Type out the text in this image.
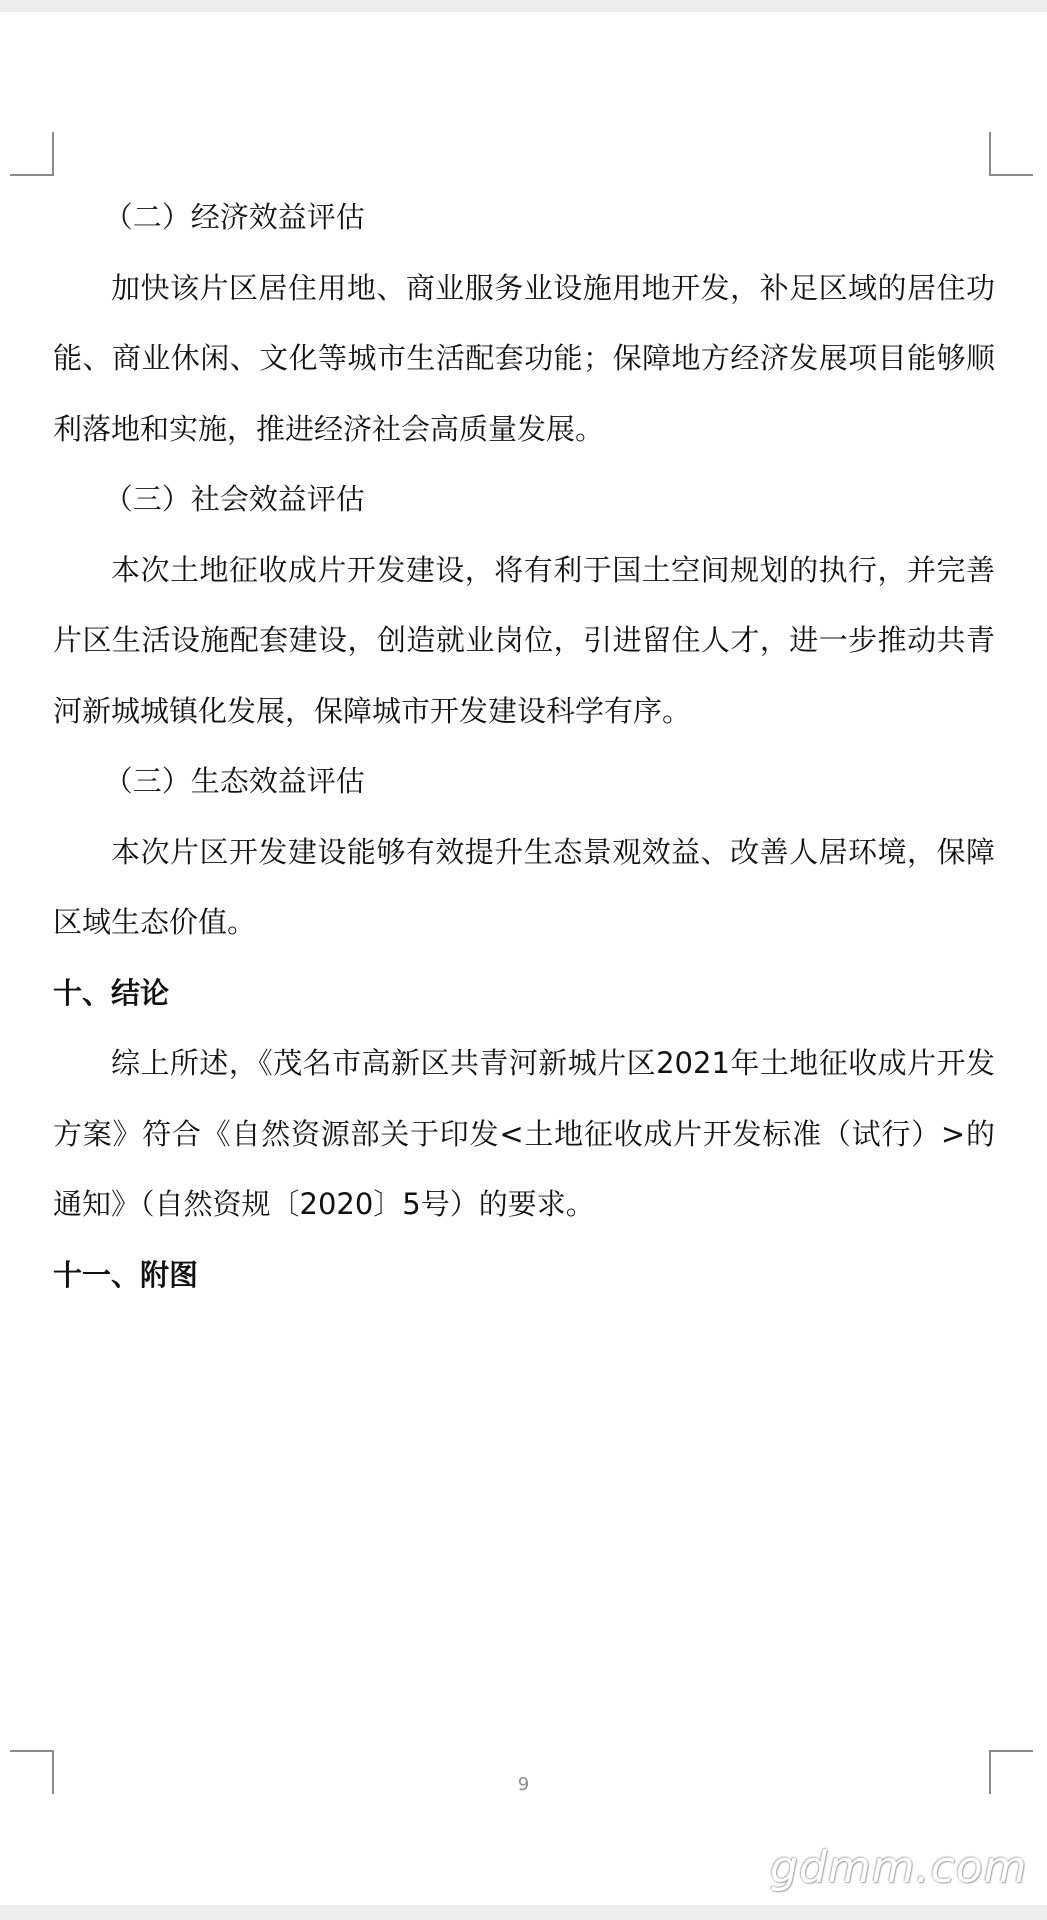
（二）经济效益评估

加快该片区居住用地、商业服务业设施用地开发，补足区域的居住功能、商业休闲、文化等城市生活配套功能；保障地方经济发展项目能够顺利落地和实施，推进经济社会高质量发展。

（三）社会效益评估

本次土地征收成片开发建设，将有利于国土空间规划的执行，并完善片区生活设施配套建设，创造就业岗位，引进留住人才，进一步推动共青河新城城镇化发展，保障城市开发建设科学有序。

（三）生态效益评估

本次片区开发建设能够有效提升生态景观效益、改善人居环境，保障区域生态价值。

十、结论

综上所述，《茂名市高新区共青河新城片区2021年土地征收成片开发方案》符合《自然资源部关于印发<土地征收成片开发标准（试行）>的通知》（自然资规〔2020〕5号）的要求。

十一、附图

9
gdmm.com
